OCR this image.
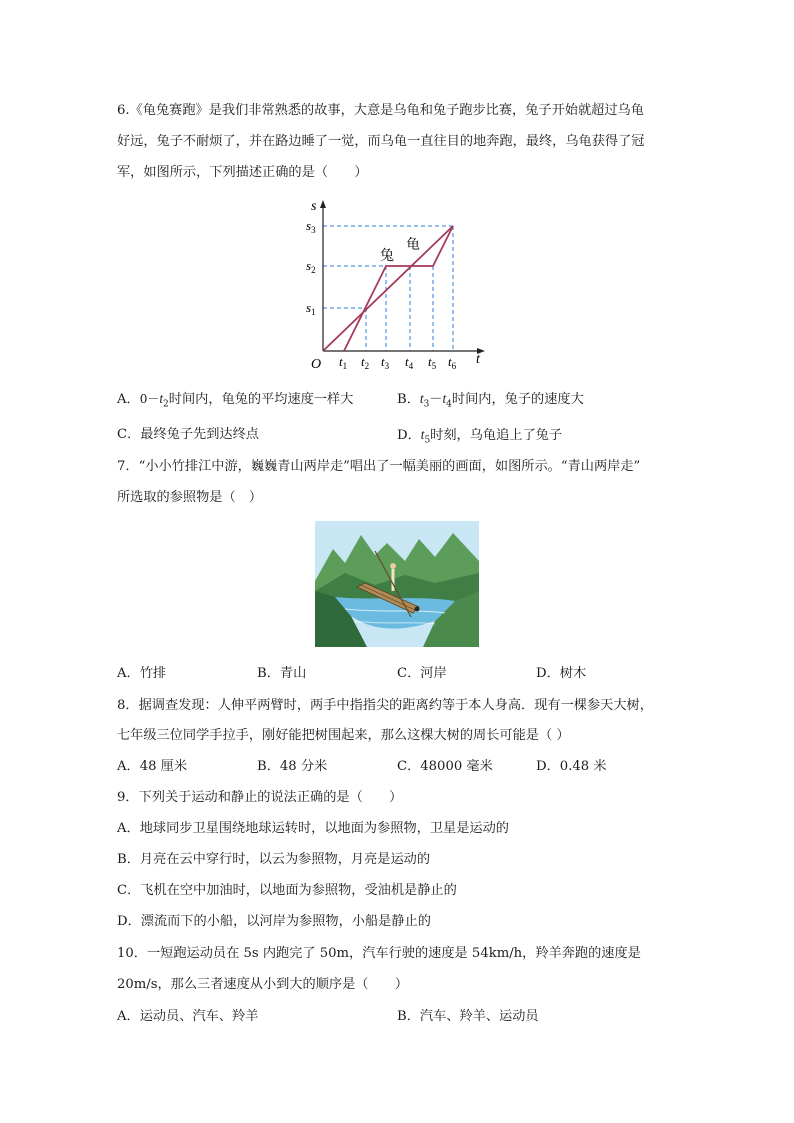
6.《龟兔赛跑》是我们非常熟悉的故事，大意是乌龟和兔子跑步比赛，兔子开始就超过乌龟
好远，兔子不耐烦了，并在路边睡了一觉，而乌龟一直往目的地奔跑，最终，乌龟获得了冠
军，如图所示，下列描述正确的是（　　）
s
t
O
$s_3$
$s_2$
$s_1$
$t_1$ $t_2$ $t_3$ $t_4$ $t_5$ $t_6$
兔
龟
A．$0-t_2$时间内，龟兔的平均速度一样大	B．$t_3-t_4$时间内，兔子的速度大
C．最终兔子先到达终点	D．$t_5$时刻，乌龟追上了兔子
7．“小小竹排江中游，巍巍青山两岸走”唱出了一幅美丽的画面，如图所示。“青山两岸走”
所选取的参照物是（　）
A．竹排	B．青山	C．河岸	D．树木
8．据调查发现：人伸平两臂时，两手中指指尖的距离约等于本人身高．现有一棵参天大树，
七年级三位同学手拉手，刚好能把树围起来，那么这棵大树的周长可能是（ ）
A．48 厘米	B．48 分米	C．48000 毫米	D．0.48 米
9．下列关于运动和静止的说法正确的是（　　）
A．地球同步卫星围绕地球运转时，以地面为参照物，卫星是运动的
B．月亮在云中穿行时，以云为参照物，月亮是运动的
C．飞机在空中加油时，以地面为参照物，受油机是静止的
D．漂流而下的小船，以河岸为参照物，小船是静止的
10．一短跑运动员在 5s 内跑完了 50m，汽车行驶的速度是 54km/h，羚羊奔跑的速度是
20m/s，那么三者速度从小到大的顺序是（　　）
A．运动员、汽车、羚羊	B．汽车、羚羊、运动员
